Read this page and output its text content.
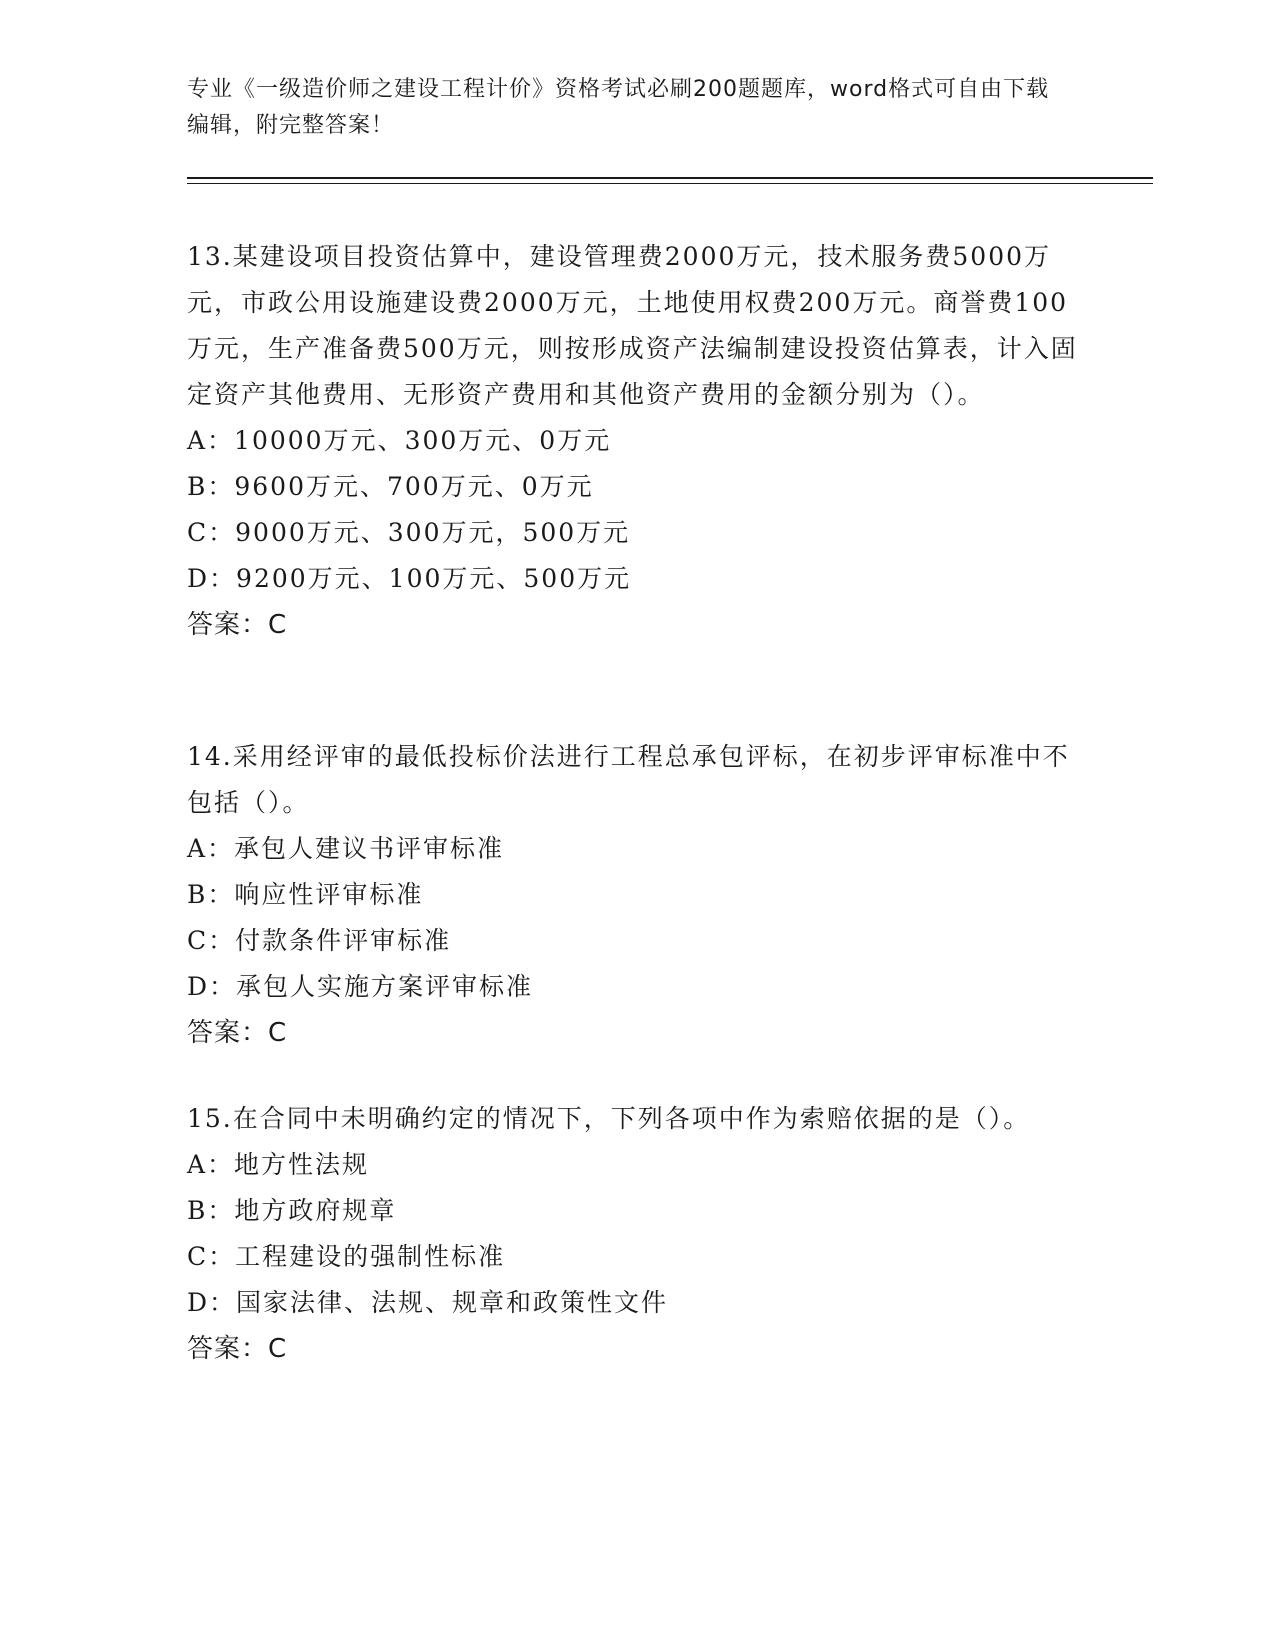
专业《一级造价师之建设工程计价》资格考试必刷200题题库，word格式可自由下载编辑，附完整答案！

13.某建设项目投资估算中，建设管理费2000万元，技术服务费5000万元，市政公用设施建设费2000万元，土地使用权费200万元。商誉费100万元，生产准备费500万元，则按形成资产法编制建设投资估算表，计入固定资产其他费用、无形资产费用和其他资产费用的金额分别为（）。

A：10000万元、300万元、0万元

B：9600万元、700万元、0万元

C：9000万元、300万元，500万元

D：9200万元、100万元、500万元

答案：C

14.采用经评审的最低投标价法进行工程总承包评标，在初步评审标准中不包括（）。

A：承包人建议书评审标准

B：响应性评审标准

C：付款条件评审标准

D：承包人实施方案评审标准

答案：C

15.在合同中未明确约定的情况下，下列各项中作为索赔依据的是（）。

A：地方性法规

B：地方政府规章

C：工程建设的强制性标准

D：国家法律、法规、规章和政策性文件

答案：C
